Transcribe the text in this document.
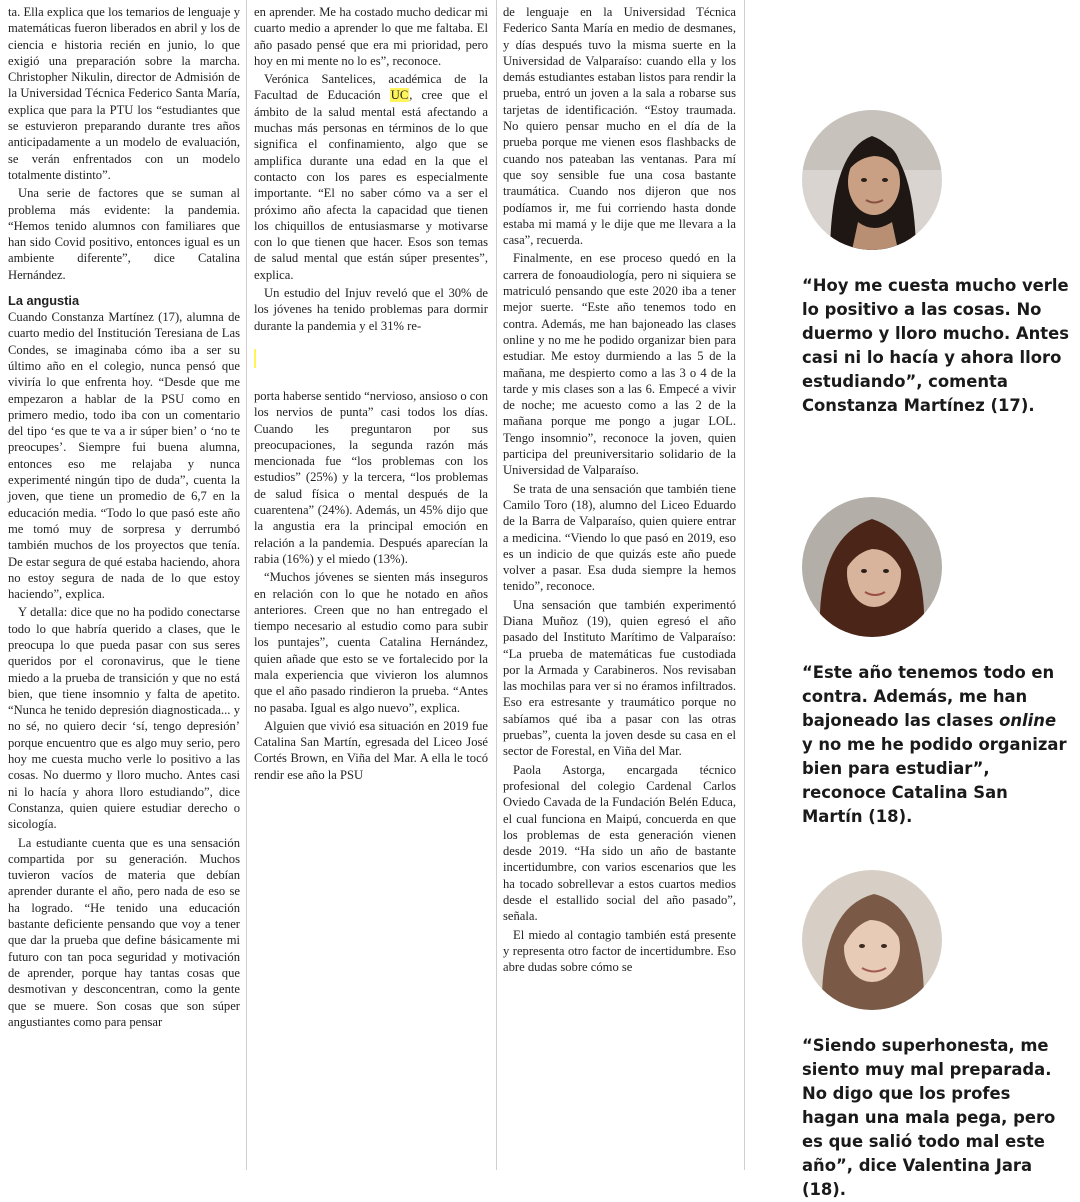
ta. Ella explica que los temarios de lenguaje y matemáticas fueron liberados en abril y los de ciencia e historia recién en junio, lo que exigió una preparación sobre la marcha. Christopher Nikulin, director de Admisión de la Universidad Técnica Federico Santa María, explica que para la PTU los “estudiantes que se estuvieron preparando durante tres años anticipadamente a un modelo de evaluación, se verán enfrentados con un modelo totalmente distinto”.

Una serie de factores que se suman al problema más evidente: la pandemia. “Hemos tenido alumnos con familiares que han sido Covid positivo, entonces igual es un ambiente diferente”, dice Catalina Hernández.

La angustia

Cuando Constanza Martínez (17), alumna de cuarto medio del Institución Teresiana de Las Condes, se imaginaba cómo iba a ser su último año en el colegio, nunca pensó que viviría lo que enfrenta hoy. “Desde que me empezaron a hablar de la PSU como en primero medio, todo iba con un comentario del tipo ‘es que te va a ir súper bien’ o ‘no te preocupes’. Siempre fui buena alumna, entonces eso me relajaba y nunca experimenté ningún tipo de duda”, cuenta la joven, que tiene un promedio de 6,7 en la educación media. “Todo lo que pasó este año me tomó muy de sorpresa y derrumbó también muchos de los proyectos que tenía. De estar segura de qué estaba haciendo, ahora no estoy segura de nada de lo que estoy haciendo”, explica.

Y detalla: dice que no ha podido conectarse todo lo que habría querido a clases, que le preocupa lo que pueda pasar con sus seres queridos por el coronavirus, que le tiene miedo a la prueba de transición y que no está bien, que tiene insomnio y falta de apetito. “Nunca he tenido depresión diagnosticada... y no sé, no quiero decir ‘sí, tengo depresión’ porque encuentro que es algo muy serio, pero hoy me cuesta mucho verle lo positivo a las cosas. No duermo y lloro mucho. Antes casi ni lo hacía y ahora lloro estudiando”, dice Constanza, quien quiere estudiar derecho o sicología.

La estudiante cuenta que es una sensación compartida por su generación. Muchos tuvieron vacíos de materia que debían aprender durante el año, pero nada de eso se ha logrado. “He tenido una educación bastante deficiente pensando que voy a tener que dar la prueba que define básicamente mi futuro con tan poca seguridad y motivación de aprender, porque hay tantas cosas que desmotivan y desconcentran, como la gente que se muere. Son cosas que son súper angustiantes como para pensar

en aprender. Me ha costado mucho dedicar mi cuarto medio a aprender lo que me faltaba. El año pasado pensé que era mi prioridad, pero hoy en mi mente no lo es”, reconoce.

Verónica Santelices, académica de la Facultad de Educación UC, cree que el ámbito de la salud mental está afectando a muchas más personas en términos de lo que significa el confinamiento, algo que se amplifica durante una edad en la que el contacto con los pares es especialmente importante. “El no saber cómo va a ser el próximo año afecta la capacidad que tienen los chiquillos de entusiasmarse y motivarse con lo que tienen que hacer. Esos son temas de salud mental que están súper presentes”, explica.

Un estudio del Injuv reveló que el 30% de los jóvenes ha tenido problemas para dormir durante la pandemia y el 31% re-

porta haberse sentido “nervioso, ansioso o con los nervios de punta” casi todos los días. Cuando les preguntaron por sus preocupaciones, la segunda razón más mencionada fue “los problemas con los estudios” (25%) y la tercera, “los problemas de salud física o mental después de la cuarentena” (24%). Además, un 45% dijo que la angustia era la principal emoción en relación a la pandemia. Después aparecían la rabia (16%) y el miedo (13%).

“Muchos jóvenes se sienten más inseguros en relación con lo que he notado en años anteriores. Creen que no han entregado el tiempo necesario al estudio como para subir los puntajes”, cuenta Catalina Hernández, quien añade que esto se ve fortalecido por la mala experiencia que vivieron los alumnos que el año pasado rindieron la prueba. “Antes no pasaba. Igual es algo nuevo”, explica.

Alguien que vivió esa situación en 2019 fue Catalina San Martín, egresada del Liceo José Cortés Brown, en Viña del Mar. A ella le tocó rendir ese año la PSU

de lenguaje en la Universidad Técnica Federico Santa María en medio de desmanes, y días después tuvo la misma suerte en la Universidad de Valparaíso: cuando ella y los demás estudiantes estaban listos para rendir la prueba, entró un joven a la sala a robarse sus tarjetas de identificación. “Estoy traumada. No quiero pensar mucho en el día de la prueba porque me vienen esos flashbacks de cuando nos pateaban las ventanas. Para mí que soy sensible fue una cosa bastante traumática. Cuando nos dijeron que nos podíamos ir, me fui corriendo hasta donde estaba mi mamá y le dije que me llevara a la casa”, recuerda.

Finalmente, en ese proceso quedó en la carrera de fonoaudiología, pero ni siquiera se matriculó pensando que este 2020 iba a tener mejor suerte. “Este año tenemos todo en contra. Además, me han bajoneado las clases online y no me he podido organizar bien para estudiar. Me estoy durmiendo a las 5 de la mañana, me despierto como a las 3 o 4 de la tarde y mis clases son a las 6. Empecé a vivir de noche; me acuesto como a las 2 de la mañana porque me pongo a jugar LOL. Tengo insomnio”, reconoce la joven, quien participa del preuniversitario solidario de la Universidad de Valparaíso.

Se trata de una sensación que también tiene Camilo Toro (18), alumno del Liceo Eduardo de la Barra de Valparaíso, quien quiere entrar a medicina. “Viendo lo que pasó en 2019, eso es un indicio de que quizás este año puede volver a pasar. Esa duda siempre la hemos tenido”, reconoce.

Una sensación que también experimentó Diana Muñoz (19), quien egresó el año pasado del Instituto Marítimo de Valparaíso: “La prueba de matemáticas fue custodiada por la Armada y Carabineros. Nos revisaban las mochilas para ver si no éramos infiltrados. Eso era estresante y traumático porque no sabíamos qué iba a pasar con las otras pruebas”, cuenta la joven desde su casa en el sector de Forestal, en Viña del Mar.

Paola Astorga, encargada técnico profesional del colegio Cardenal Carlos Oviedo Cavada de la Fundación Belén Educa, el cual funciona en Maipú, concuerda en que los problemas de esta generación vienen desde 2019. “Ha sido un año de bastante incertidumbre, con varios escenarios que les ha tocado sobrellevar a estos cuartos medios desde el estallido social del año pasado”, señala.

El miedo al contagio también está presente y representa otro factor de incertidumbre. Eso abre dudas sobre cómo se

“Hoy me cuesta mucho verle lo positivo a las cosas. No duermo y lloro mucho. Antes casi ni lo hacía y ahora lloro estudiando”, comenta Constanza Martínez (17).
“Este año tenemos todo en contra. Además, me han bajoneado las clases online y no me he podido organizar bien para estudiar”, reconoce Catalina San Martín (18).
“Siendo superhonesta, me siento muy mal preparada. No digo que los profes hagan una mala pega, pero es que salió todo mal este año”, dice Valentina Jara (18).
